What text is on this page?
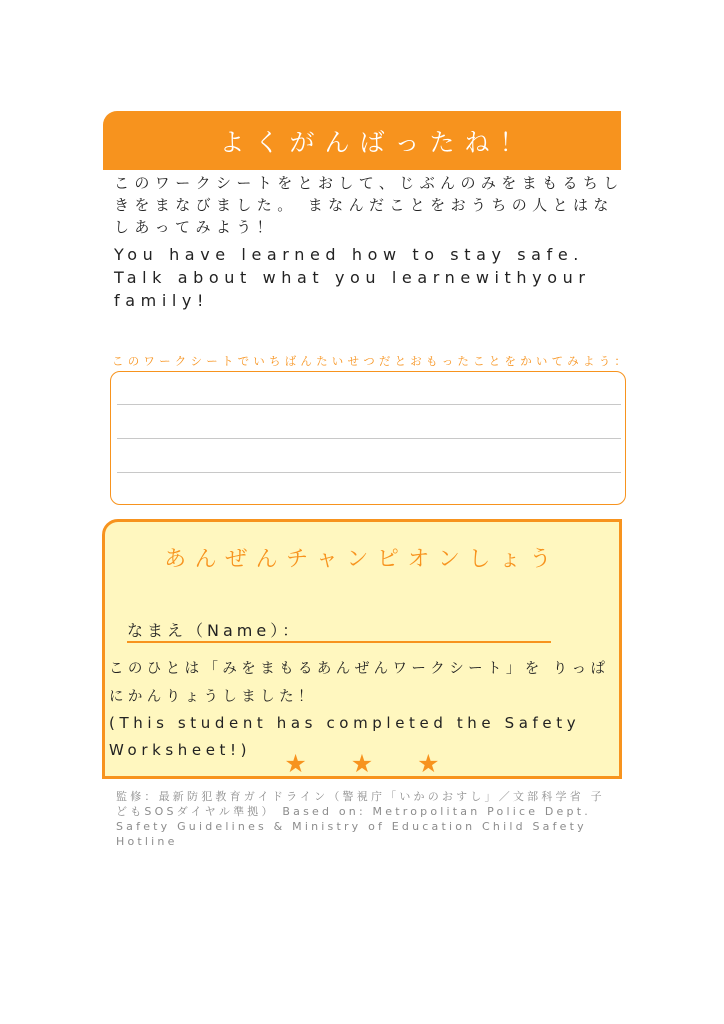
よくがんばったね！
このワークシートをとおして、じぶんのみをまもるちしきをまなびました。 まなんだことをおうちの人とはなしあってみよう！
You have learned how to stay safe. Talk about what you learnewithyour family!
このワークシートでいちばんたいせつだとおもったことをかいてみよう：
あんぜんチャンピオンしょう
なまえ（Name）：
このひとは「みをまもるあんぜんワークシート」を りっぱにかんりょうしました！
(This student has completed the Safety Worksheet!)	★ ★ ★
監修：最新防犯教育ガイドライン（警視庁「いかのおすし」／文部科学省 子どもSOSダイヤル準拠） Based on: Metropolitan Police Dept. Safety Guidelines & Ministry of Education Child Safety Hotline
